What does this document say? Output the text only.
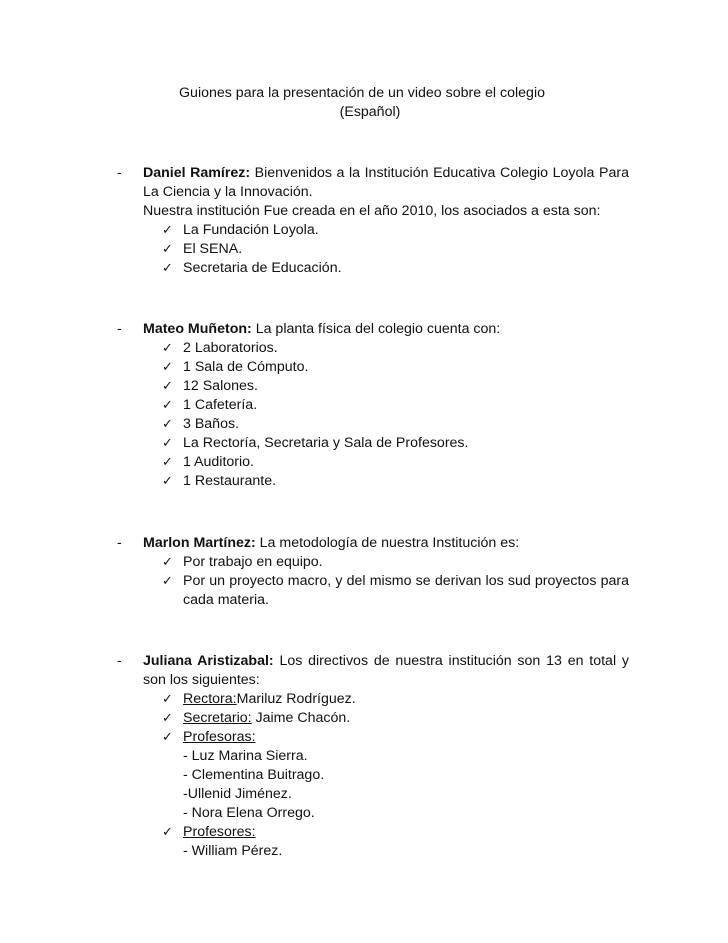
Guiones para la presentación de un video sobre el colegio
(Español)
-	Daniel Ramírez: Bienvenidos a la Institución Educativa Colegio Loyola Para La Ciencia y la Innovación.
Nuestra institución Fue creada en el año 2010, los asociados a esta son:
✓ La Fundación Loyola.
✓ El SENA.
✓ Secretaria de Educación.
-	Mateo Muñeton: La planta física del colegio cuenta con:
✓ 2 Laboratorios.
✓ 1 Sala de Cómputo.
✓ 12 Salones.
✓ 1 Cafetería.
✓ 3 Baños.
✓ La Rectoría, Secretaria y Sala de Profesores.
✓ 1 Auditorio.
✓ 1 Restaurante.
-	Marlon Martínez: La metodología de nuestra Institución es:
✓ Por trabajo en equipo.
✓ Por un proyecto macro, y del mismo se derivan los sud proyectos para cada materia.
-	Juliana Aristizabal: Los directivos de nuestra institución son 13 en total y son los siguientes:
✓ Rectora:Mariluz Rodríguez.
✓ Secretario: Jaime Chacón.
✓ Profesoras:
- Luz Marina Sierra.
- Clementina Buitrago.
-Ullenid Jiménez.
- Nora Elena Orrego.
✓ Profesores:
- William Pérez.
